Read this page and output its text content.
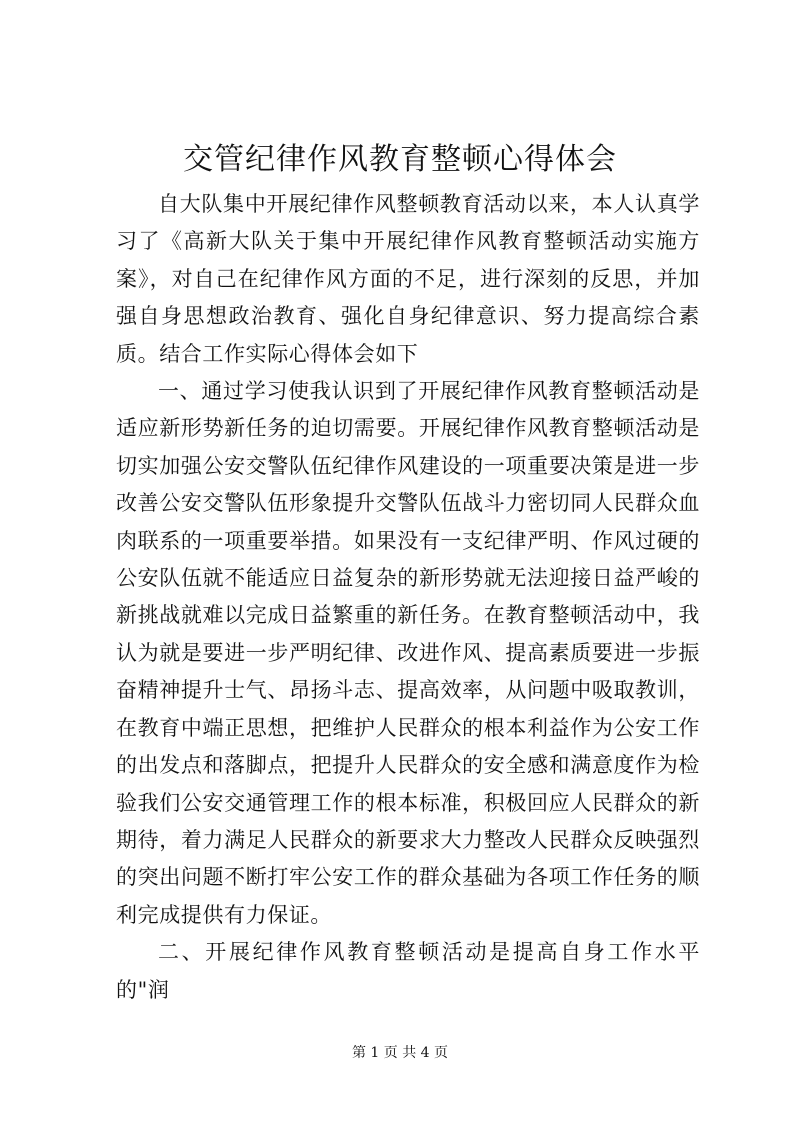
交管纪律作风教育整顿心得体会

自大队集中开展纪律作风整顿教育活动以来，本人认真学习了《高新大队关于集中开展纪律作风教育整顿活动实施方案》，对自己在纪律作风方面的不足，进行深刻的反思，并加强自身思想政治教育、强化自身纪律意识、努力提高综合素质。结合工作实际心得体会如下

一、通过学习使我认识到了开展纪律作风教育整顿活动是适应新形势新任务的迫切需要。开展纪律作风教育整顿活动是切实加强公安交警队伍纪律作风建设的一项重要决策是进一步改善公安交警队伍形象提升交警队伍战斗力密切同人民群众血肉联系的一项重要举措。如果没有一支纪律严明、作风过硬的公安队伍就不能适应日益复杂的新形势就无法迎接日益严峻的新挑战就难以完成日益繁重的新任务。在教育整顿活动中，我认为就是要进一步严明纪律、改进作风、提高素质要进一步振奋精神提升士气、昂扬斗志、提高效率，从问题中吸取教训，在教育中端正思想，把维护人民群众的根本利益作为公安工作的出发点和落脚点，把提升人民群众的安全感和满意度作为检验我们公安交通管理工作的根本标准，积极回应人民群众的新期待，着力满足人民群众的新要求大力整改人民群众反映强烈的突出问题不断打牢公安工作的群众基础为各项工作任务的顺利完成提供有力保证。

二、开展纪律作风教育整顿活动是提高自身工作水平的"润

第 1 页 共 4 页
